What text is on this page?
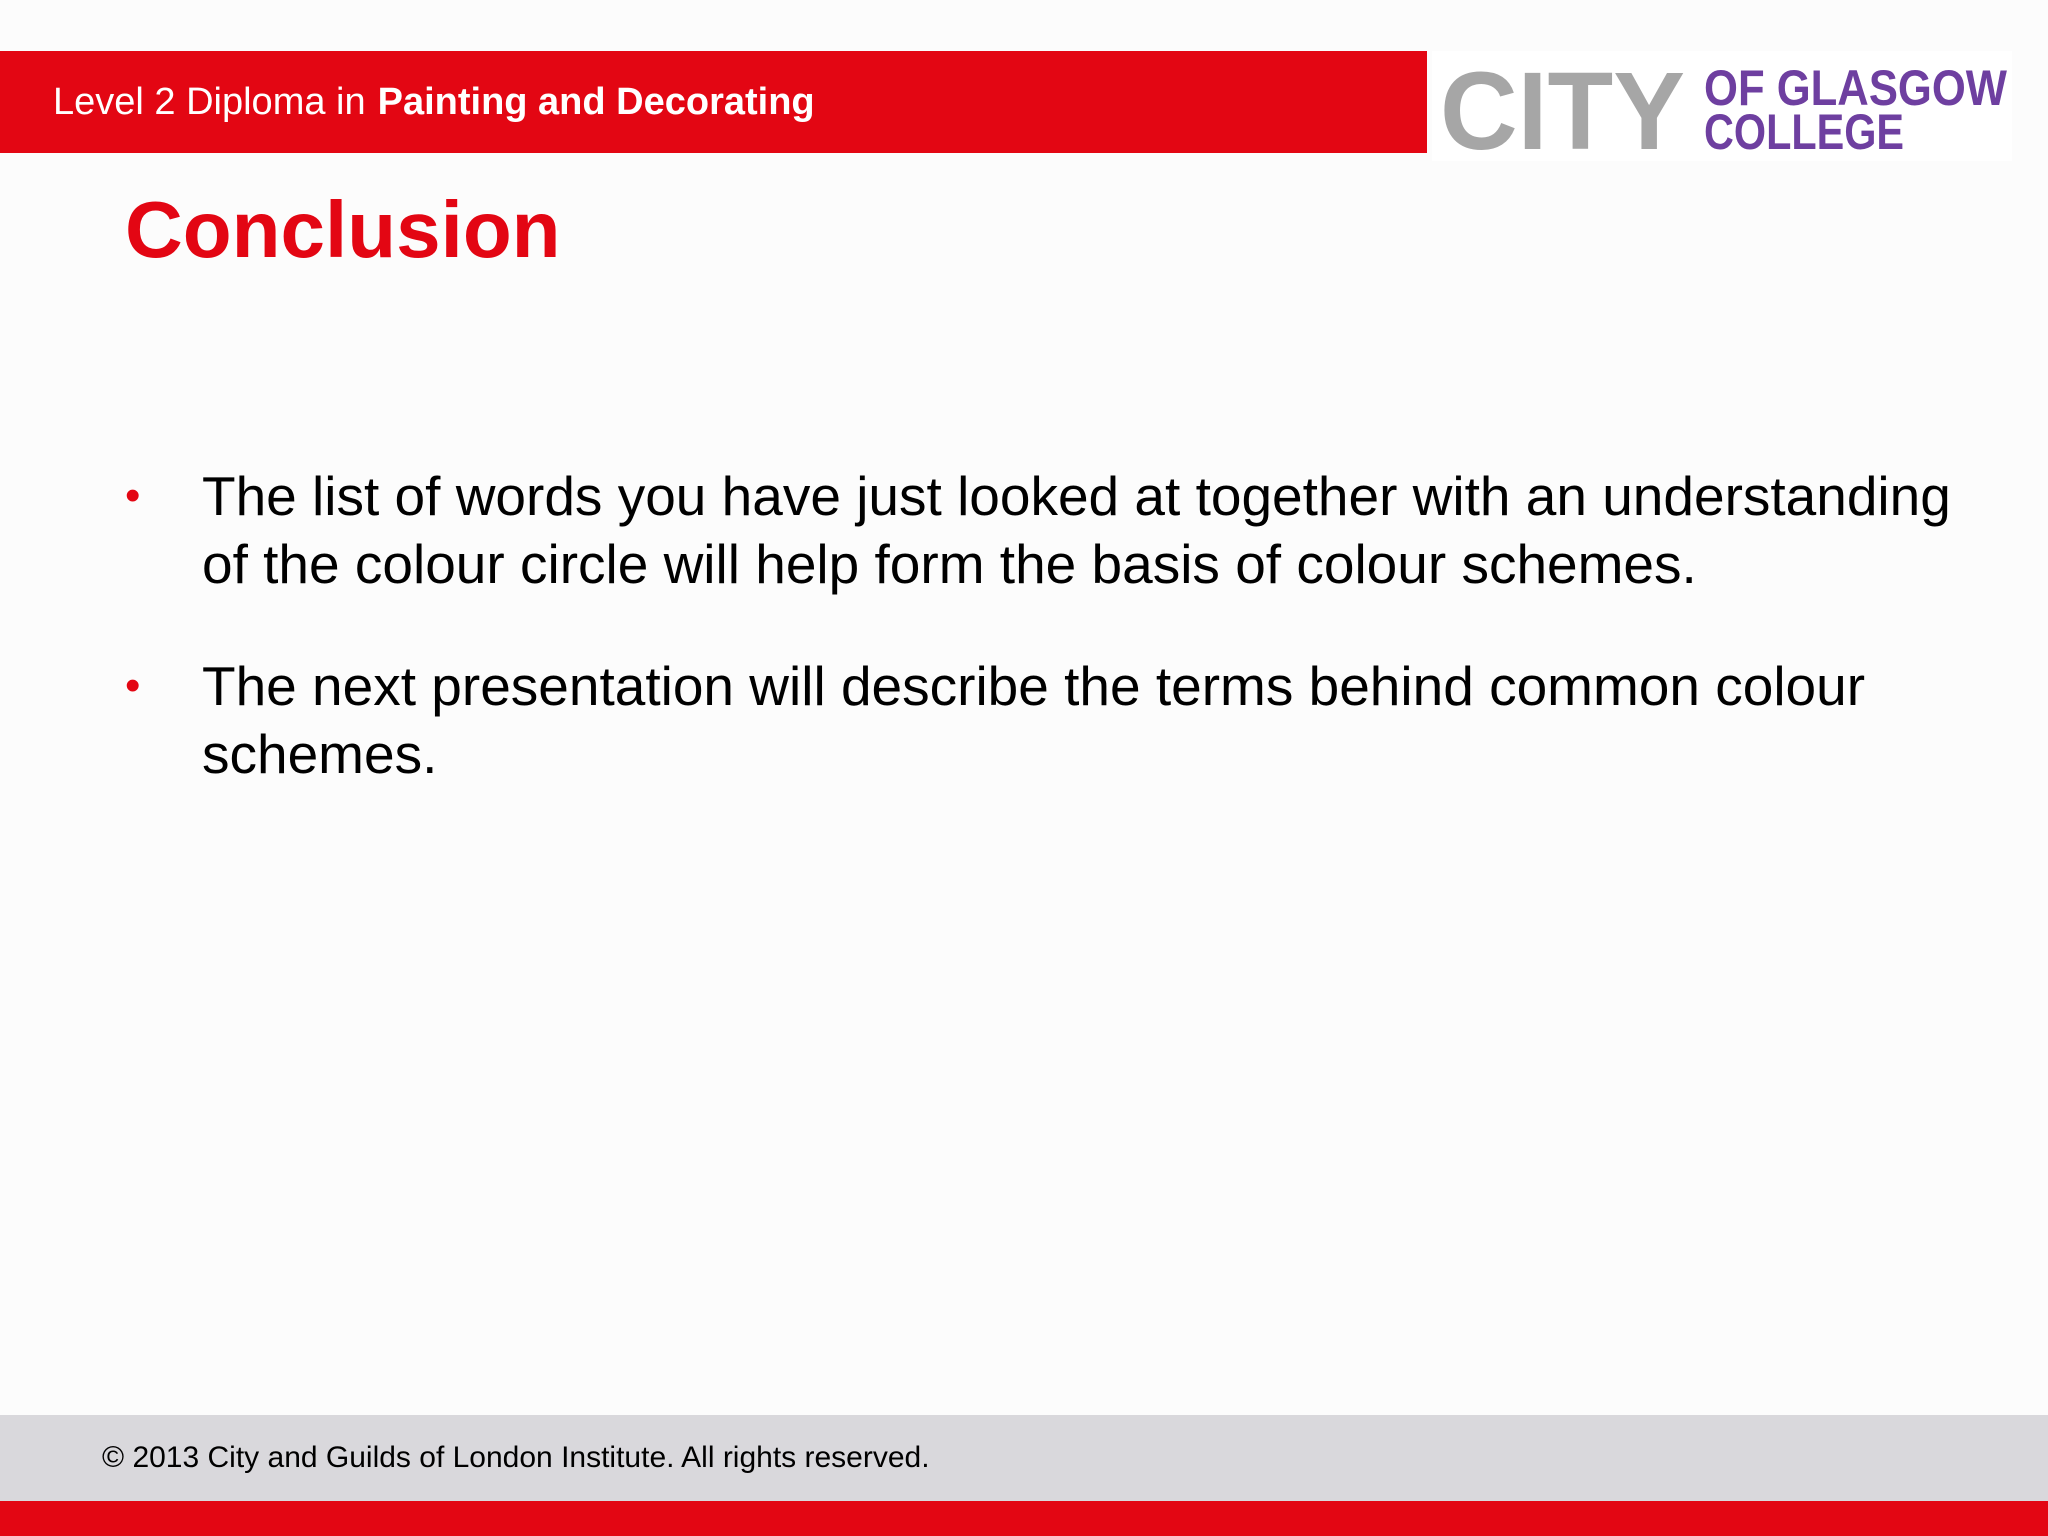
Level 2 Diploma in Painting and Decorating	CITY OF GLASGOW
COLLEGE
Conclusion
• The list of words you have just looked at together with an understanding of the colour circle will help form the basis of colour schemes.
• The next presentation will describe the terms behind common colour schemes.
© 2013 City and Guilds of London Institute. All rights reserved.
